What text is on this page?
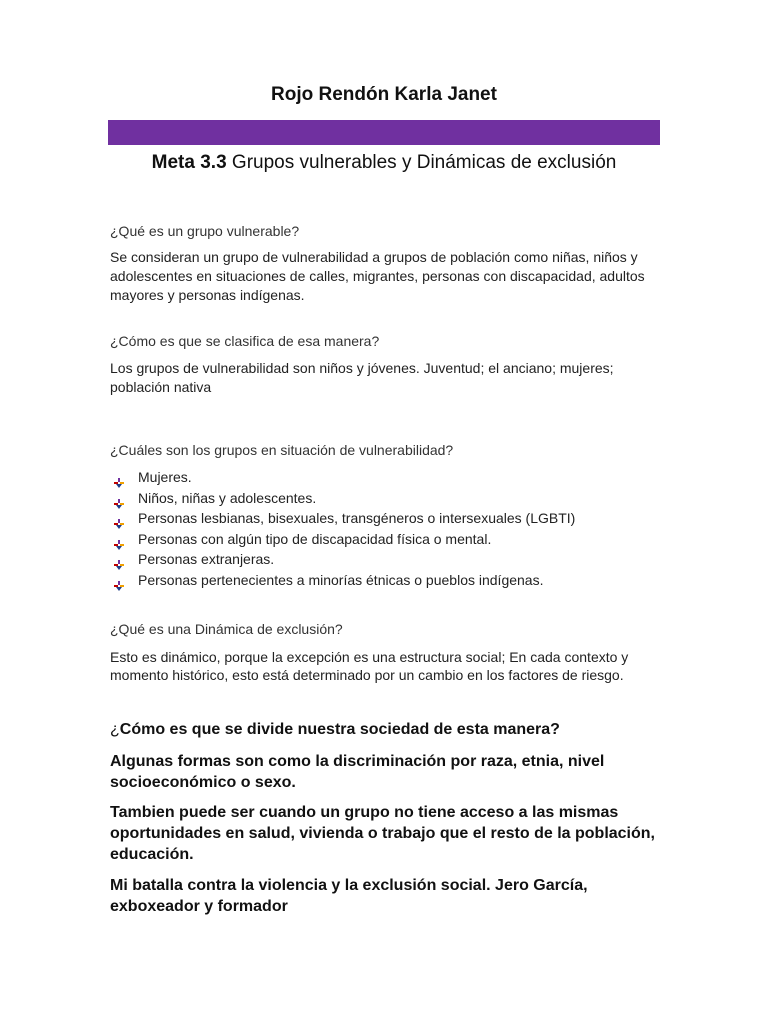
Rojo Rendón Karla Janet
Meta 3.3 Grupos vulnerables y Dinámicas de exclusión
¿Qué es un grupo vulnerable?
Se consideran un grupo de vulnerabilidad a grupos de población como niñas, niños y adolescentes en situaciones de calles, migrantes, personas con discapacidad, adultos mayores y personas indígenas.
¿Cómo es que se clasifica de esa manera?
Los grupos de vulnerabilidad son niños y jóvenes. Juventud; el anciano; mujeres; población nativa
¿Cuáles son los grupos en situación de vulnerabilidad?
Mujeres.
Niños, niñas y adolescentes.
Personas lesbianas, bisexuales, transgéneros o intersexuales (LGBTI)
Personas con algún tipo de discapacidad física o mental.
Personas extranjeras.
Personas pertenecientes a minorías étnicas o pueblos indígenas.
¿Qué es una Dinámica de exclusión?
Esto es dinámico, porque la excepción es una estructura social; En cada contexto y momento histórico, esto está determinado por un cambio en los factores de riesgo.
¿Cómo es que se divide nuestra sociedad de esta manera?
Algunas formas son como la discriminación por raza, etnia, nivel socioeconómico o sexo.
Tambien puede ser cuando un grupo no tiene acceso a las mismas oportunidades en salud, vivienda o trabajo que el resto de la población, educación.
Mi batalla contra la violencia y la exclusión social. Jero García, exboxeador y formador
